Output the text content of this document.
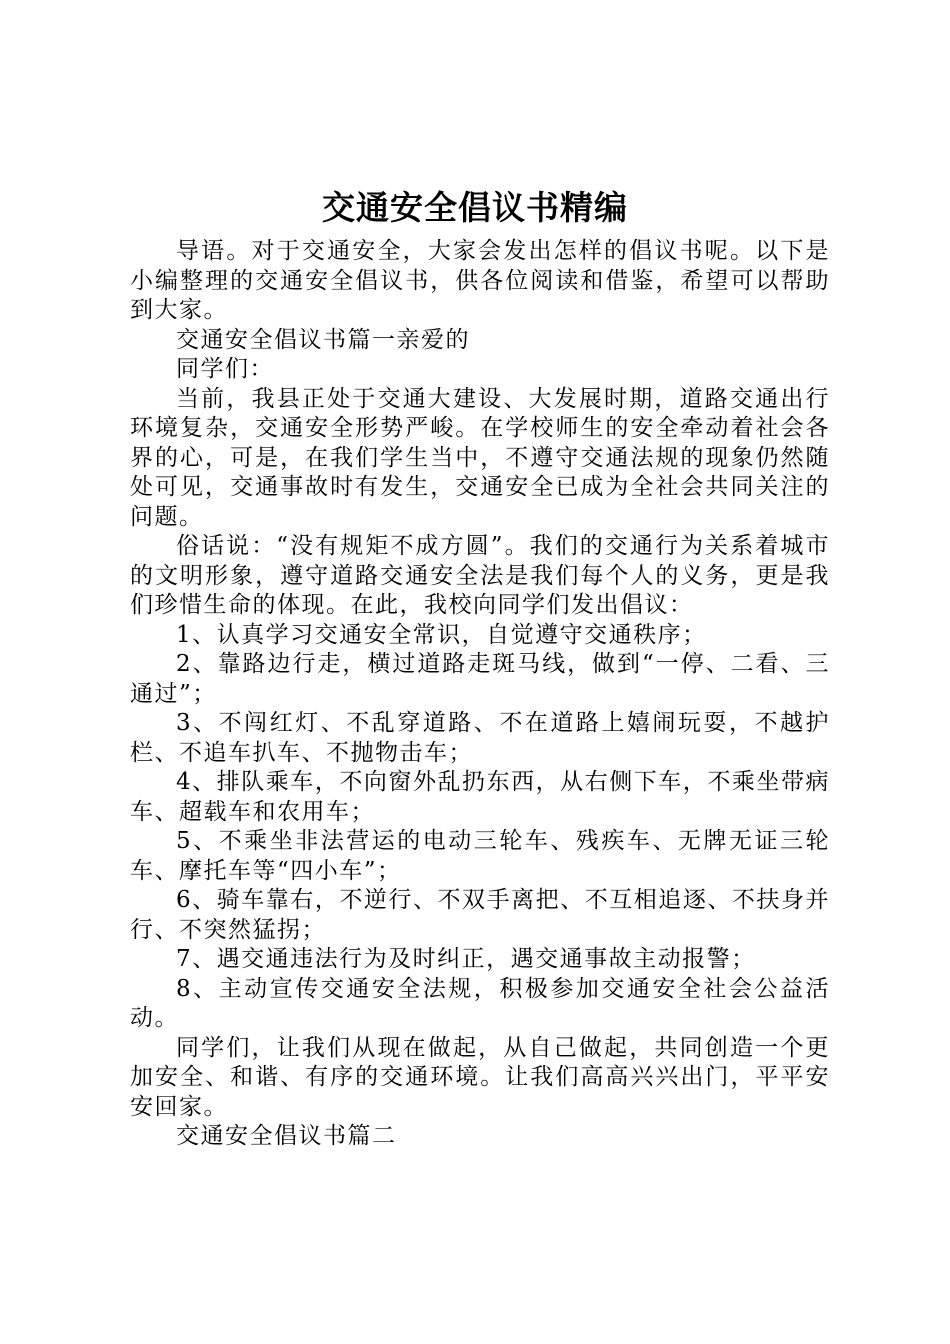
交通安全倡议书精编

导语。对于交通安全，大家会发出怎样的倡议书呢。以下是小编整理的交通安全倡议书，供各位阅读和借鉴，希望可以帮助到大家。

交通安全倡议书篇一亲爱的

同学们：

当前，我县正处于交通大建设、大发展时期，道路交通出行环境复杂，交通安全形势严峻。在学校师生的安全牵动着社会各界的心，可是，在我们学生当中，不遵守交通法规的现象仍然随处可见，交通事故时有发生，交通安全已成为全社会共同关注的问题。

俗话说：“没有规矩不成方圆”。我们的交通行为关系着城市的文明形象，遵守道路交通安全法是我们每个人的义务，更是我们珍惜生命的体现。在此，我校向同学们发出倡议：

1、认真学习交通安全常识，自觉遵守交通秩序；

2、靠路边行走，横过道路走斑马线，做到“一停、二看、三通过”；

3、不闯红灯、不乱穿道路、不在道路上嬉闹玩耍，不越护栏、不追车扒车、不抛物击车；

4、排队乘车，不向窗外乱扔东西，从右侧下车，不乘坐带病车、超载车和农用车；

5、不乘坐非法营运的电动三轮车、残疾车、无牌无证三轮车、摩托车等“四小车”；

6、骑车靠右，不逆行、不双手离把、不互相追逐、不扶身并行、不突然猛拐；

7、遇交通违法行为及时纠正，遇交通事故主动报警；

8、主动宣传交通安全法规，积极参加交通安全社会公益活动。

同学们，让我们从现在做起，从自己做起，共同创造一个更加安全、和谐、有序的交通环境。让我们高高兴兴出门，平平安安回家。

交通安全倡议书篇二
